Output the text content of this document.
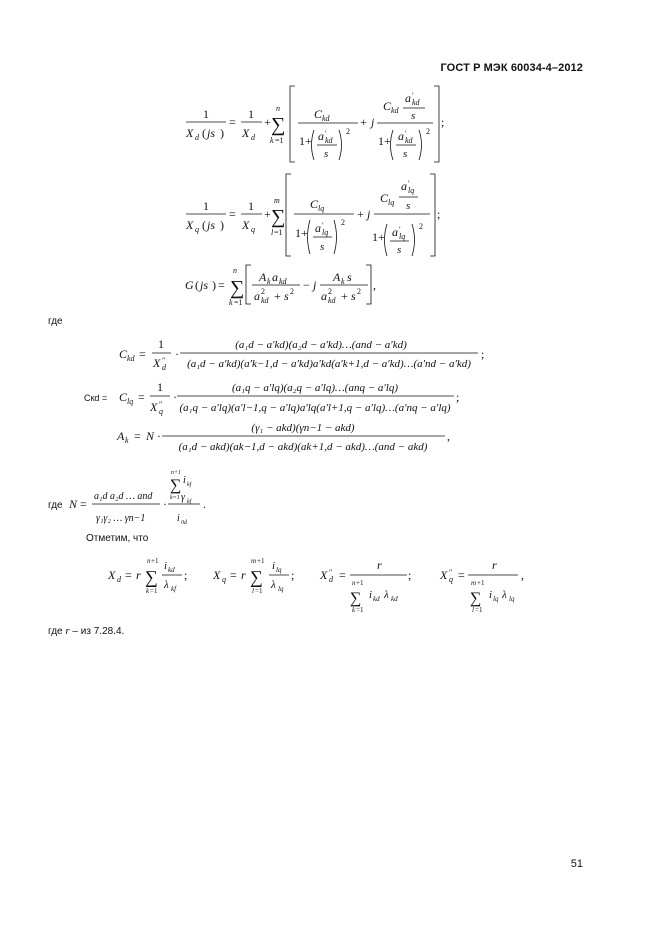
ГОСТ Р МЭК 60034-4–2012
1
X d ( js )
=
1
X d
+
n
∑
k =1
C kd
1+ a ′
kd
s
2
+ j
C kd
a ′
kd
s
1+ a ′
kd
s
2
;
1
X q ( js )
=
1
X q
+
m
∑
l =1
C lq
1+ a ′
lq
s
2
+ j
C lq
a ′
lq
s
1+ a ′
lq
s
2
;
G ( js ) =
n
∑
k =1
A k a kd
a 2
kd + s 2 − j
A k s
a 2
kd + s 2 ,
C kd =
1
X ″
d
·
(a₁d − a′kd)(a₂d − a′kd)…(and − a′kd)
(a₁d − a′kd)(a′k−1,d − a′kd)a′kd(a′k+1,d − a′kd)…(a′nd − a′kd)
;
C lq =
1
X ″
q
·
(a₁q − a′lq)(a₂q − a′lq)…(anq − a′lq)
(a₁q − a′lq)(a′l−1,q − a′lq)a′lq(a′l+1,q − a′lq)…(a′nq − a′lq)
;
A k = N ·
(γ₁ − akd)(γn−1 − akd)
(a₁d − akd)(ak−1,d − akd)(ak+1,d − akd)…(and − akd)
,
N =
a₁d a₂d … and
γ₁γ₂ … γn−1
·
n+1
∑
k=1
i kf
γ kf
i 0d
.
X d = r
n +1
∑
k =1
i kd
λ kf
; X q = r
m +1
∑
l =1
i lq
λ lq
; X ″
d =
r
n +1
∑
k =1
i kd λ kd
; X ″
q =
r
m +1
∑
l =1
i lq λ lq
,
где
Cкd =
где
Отметим, что
где r – из 7.28.4.
51
